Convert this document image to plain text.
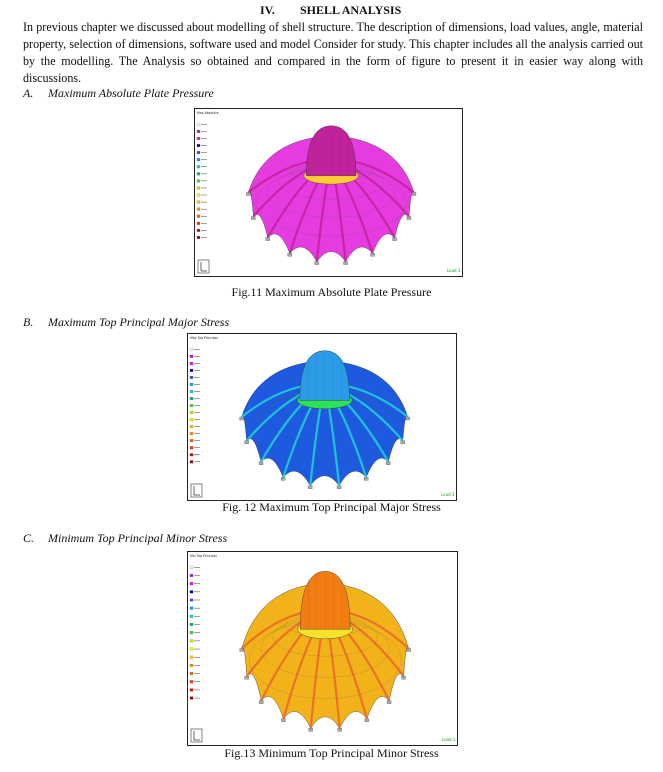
IV. SHELL ANALYSIS
In previous chapter we discussed about modelling of shell structure. The description of dimensions, load values, angle, material property, selection of dimensions, software used and model Consider for study. This chapter includes all the analysis carried out by the modelling. The Analysis so obtained and compared in the form of figure to present it in easier way along with discussions.
A. Maximum Absolute Plate Pressure
Max Absolute
Load 1
Fig.11 Maximum Absolute Plate Pressure
B. Maximum Top Principal Major Stress
Max Top Principal
Load 1
Fig. 12 Maximum Top Principal Major Stress
C. Minimum Top Principal Minor Stress
Min Top Principal
Load 1
Fig.13 Minimum Top Principal Minor Stress
